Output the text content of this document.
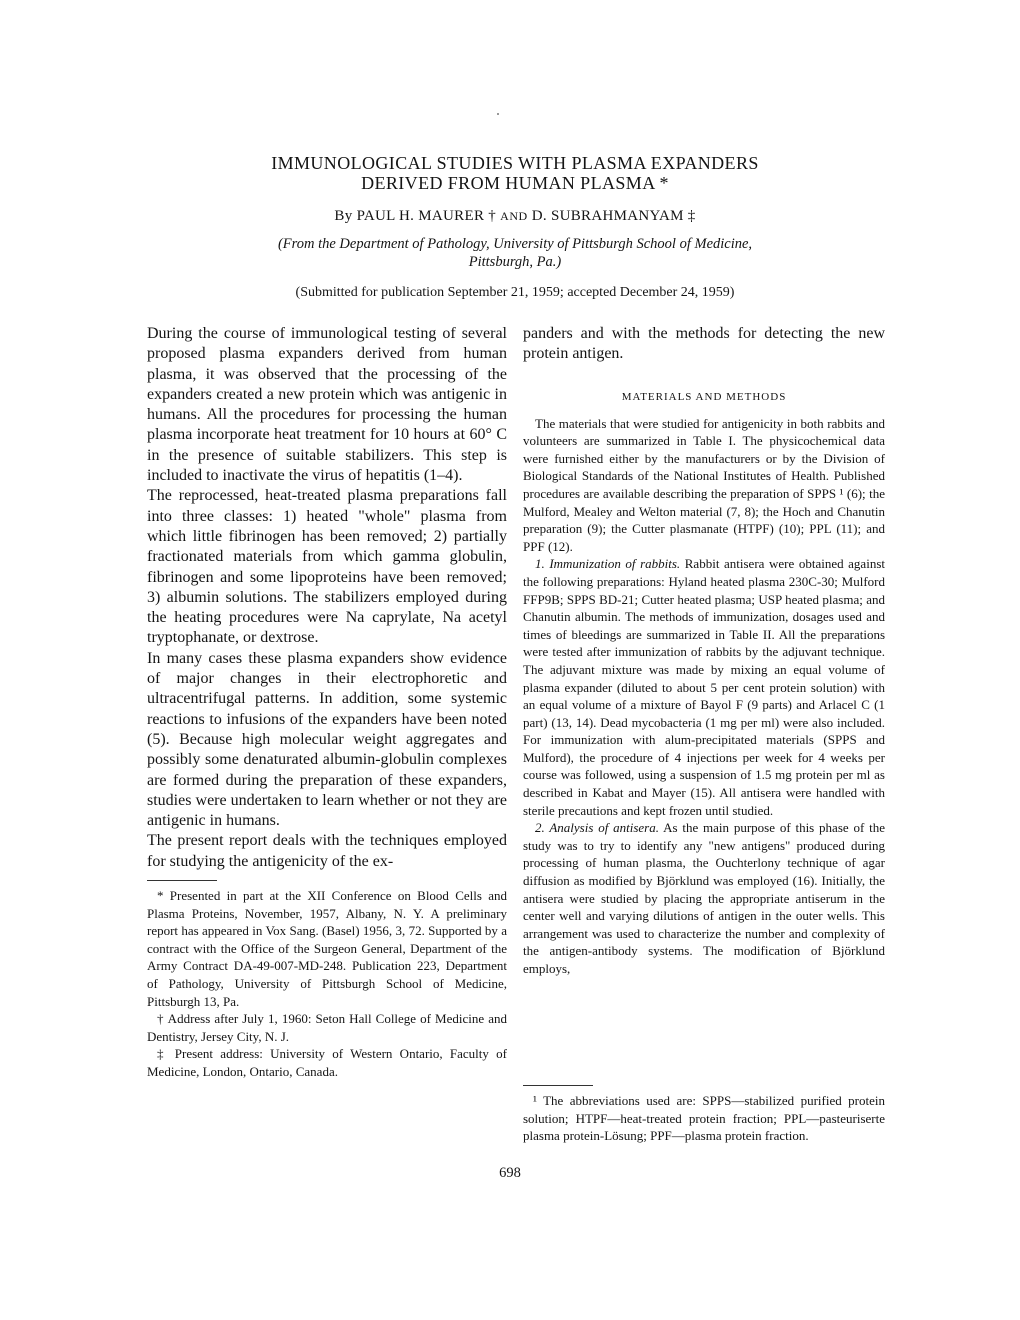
IMMUNOLOGICAL STUDIES WITH PLASMA EXPANDERS
DERIVED FROM HUMAN PLASMA *
By PAUL H. MAURER † AND D. SUBRAHMANYAM ‡
(From the Department of Pathology, University of Pittsburgh School of Medicine,
Pittsburgh, Pa.)
(Submitted for publication September 21, 1959; accepted December 24, 1959)

During the course of immunological testing of several proposed plasma expanders derived from human plasma, it was observed that the processing of the expanders created a new protein which was antigenic in humans. All the procedures for processing the human plasma incorporate heat treatment for 10 hours at 60° C in the presence of suitable stabilizers. This step is included to inactivate the virus of hepatitis (1–4).

The reprocessed, heat-treated plasma preparations fall into three classes: 1) heated "whole" plasma from which little fibrinogen has been removed; 2) partially fractionated materials from which gamma globulin, fibrinogen and some lipoproteins have been removed; 3) albumin solutions. The stabilizers employed during the heating procedures were Na caprylate, Na acetyl tryptophanate, or dextrose.

In many cases these plasma expanders show evidence of major changes in their electrophoretic and ultracentrifugal patterns. In addition, some systemic reactions to infusions of the expanders have been noted (5). Because high molecular weight aggregates and possibly some denaturated albumin-globulin complexes are formed during the preparation of these expanders, studies were undertaken to learn whether or not they are antigenic in humans.

The present report deals with the techniques employed for studying the antigenicity of the ex-

* Presented in part at the XII Conference on Blood Cells and Plasma Proteins, November, 1957, Albany, N. Y. A preliminary report has appeared in Vox Sang. (Basel) 1956, 3, 72. Supported by a contract with the Office of the Surgeon General, Department of the Army Contract DA-49-007-MD-248. Publication 223, Department of Pathology, University of Pittsburgh School of Medicine, Pittsburgh 13, Pa.

† Address after July 1, 1960: Seton Hall College of Medicine and Dentistry, Jersey City, N. J.

‡ Present address: University of Western Ontario, Faculty of Medicine, London, Ontario, Canada.

panders and with the methods for detecting the new protein antigen.

MATERIALS AND METHODS

The materials that were studied for antigenicity in both rabbits and volunteers are summarized in Table I. The physicochemical data were furnished either by the manufacturers or by the Division of Biological Standards of the National Institutes of Health. Published procedures are available describing the preparation of SPPS ¹ (6); the Mulford, Mealey and Welton material (7, 8); the Hoch and Chanutin preparation (9); the Cutter plasmanate (HTPF) (10); PPL (11); and PPF (12).

1. Immunization of rabbits. Rabbit antisera were obtained against the following preparations: Hyland heated plasma 230C-30; Mulford FFP9B; SPPS BD-21; Cutter heated plasma; USP heated plasma; and Chanutin albumin. The methods of immunization, dosages used and times of bleedings are summarized in Table II. All the preparations were tested after immunization of rabbits by the adjuvant technique. The adjuvant mixture was made by mixing an equal volume of plasma expander (diluted to about 5 per cent protein solution) with an equal volume of a mixture of Bayol F (9 parts) and Arlacel C (1 part) (13, 14). Dead mycobacteria (1 mg per ml) were also included. For immunization with alum-precipitated materials (SPPS and Mulford), the procedure of 4 injections per week for 4 weeks per course was followed, using a suspension of 1.5 mg protein per ml as described in Kabat and Mayer (15). All antisera were handled with sterile precautions and kept frozen until studied.

2. Analysis of antisera. As the main purpose of this phase of the study was to try to identify any "new antigens" produced during processing of human plasma, the Ouchterlony technique of agar diffusion as modified by Björklund was employed (16). Initially, the antisera were studied by placing the appropriate antiserum in the center well and varying dilutions of antigen in the outer wells. This arrangement was used to characterize the number and complexity of the antigen-antibody systems. The modification of Björklund employs,

¹ The abbreviations used are: SPPS—stabilized purified protein solution; HTPF—heat-treated protein fraction; PPL—pasteuriserte plasma protein-Lösung; PPF—plasma protein fraction.

698
